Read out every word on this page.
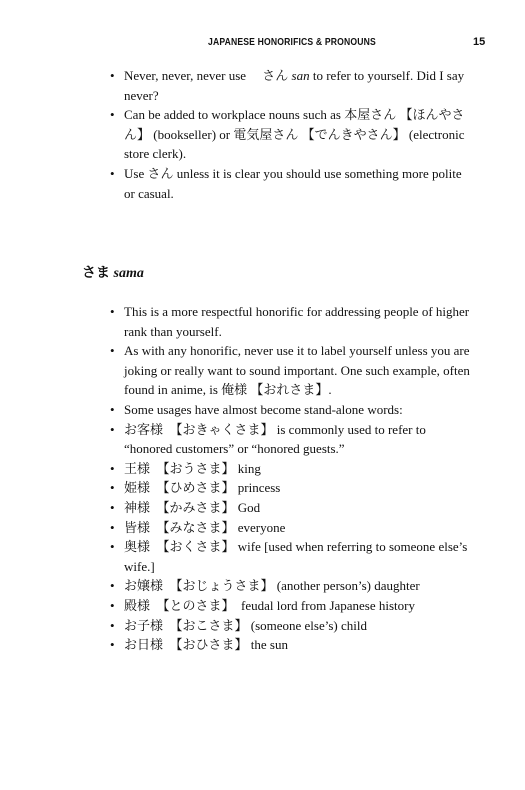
JAPANESE HONORIFICS & PRONOUNS	15
• Never, never, never use　 さん san to refer to yourself. Did I say never?
• Can be added to workplace nouns such as 本屋さん 【ほんやさん】 (bookseller) or 電気屋さん 【でんきやさん】 (electronic store clerk).
• Use さん unless it is clear you should use something more polite or casual.
さま sama
• This is a more respectful honorific for addressing people of higher rank than yourself.
• As with any honorific, never use it to label yourself unless you are joking or really want to sound important. One such example, often found in anime, is 俺様 【おれさま】.
• Some usages have almost become stand-alone words:
• お客様　【おきゃくさま】 is commonly used to refer to “honored customers” or “honored guests.”
• 王様　【おうさま】 king
• 姫様　【ひめさま】 princess
• 神様　【かみさま】 God
• 皆様　【みなさま】 everyone
• 奥様　【おくさま】 wife [used when referring to someone else’s wife.]
• お嬢様　【おじょうさま】 (another person’s) daughter
• 殿様　【とのさま】　feudal lord from Japanese history
• お子様　【おこさま】 (someone else’s) child
• お日様　【おひさま】 the sun
